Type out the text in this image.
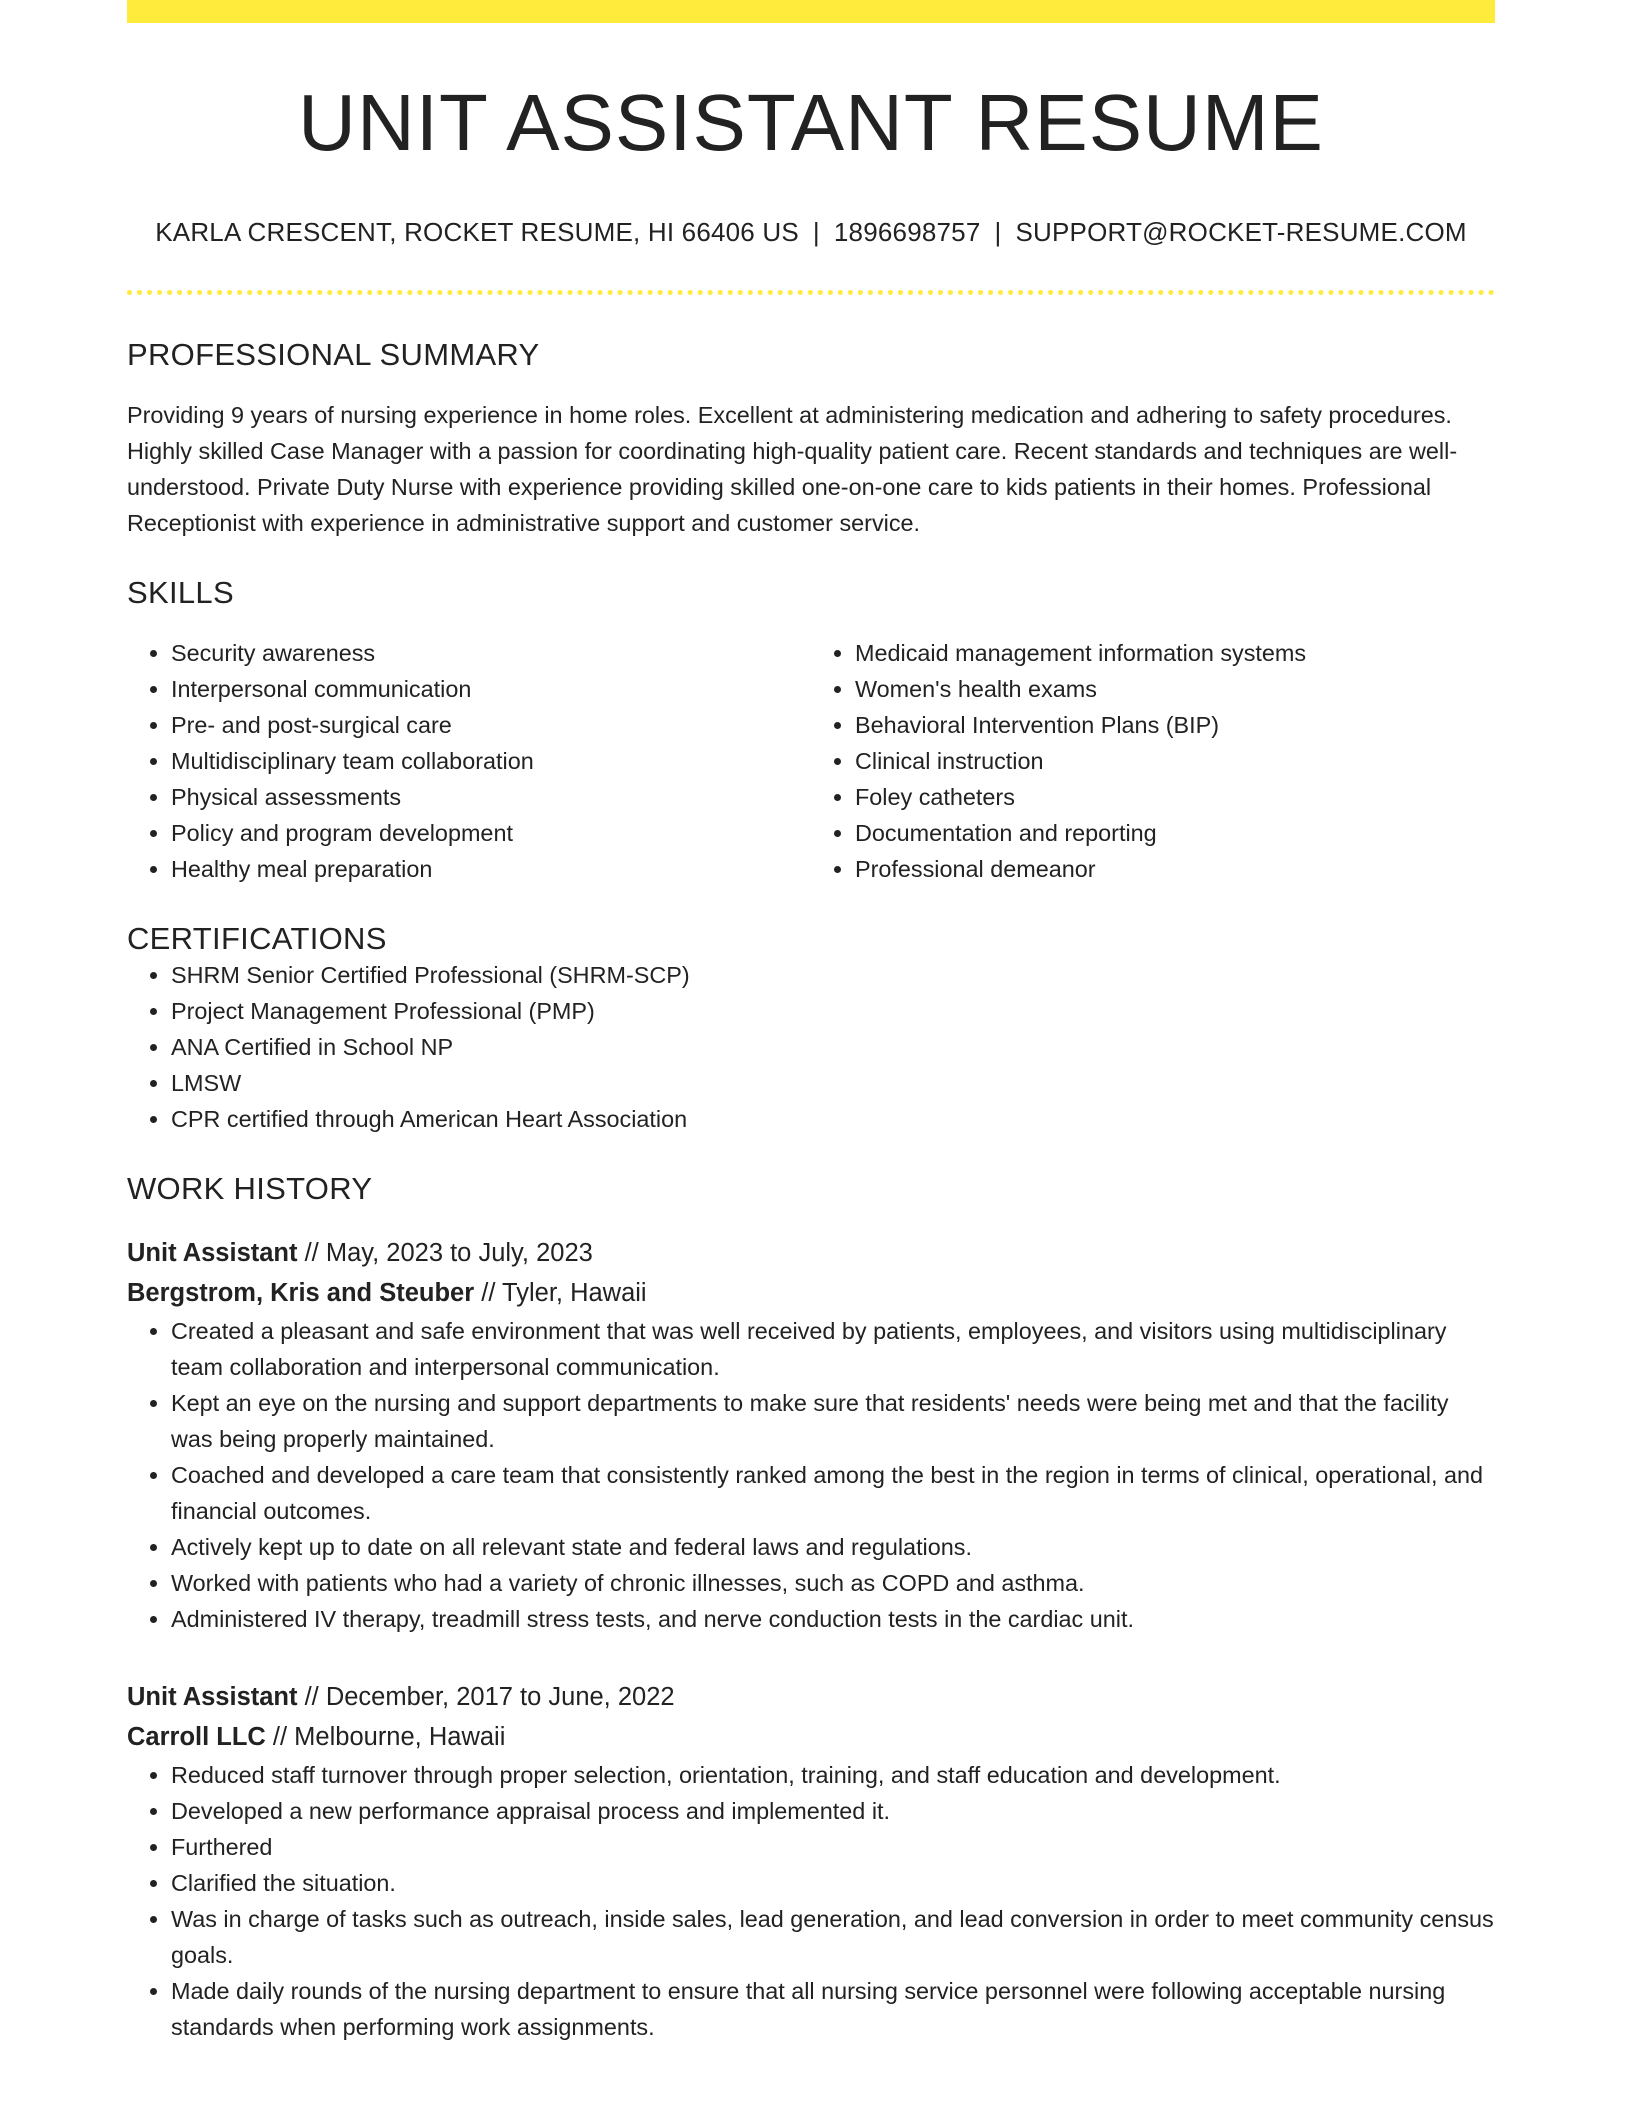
UNIT ASSISTANT RESUME
KARLA CRESCENT, ROCKET RESUME, HI 66406 US | 1896698757 | SUPPORT@ROCKET-RESUME.COM
PROFESSIONAL SUMMARY
Providing 9 years of nursing experience in home roles. Excellent at administering medication and adhering to safety procedures. Highly skilled Case Manager with a passion for coordinating high-quality patient care. Recent standards and techniques are well-understood. Private Duty Nurse with experience providing skilled one-on-one care to kids patients in their homes. Professional Receptionist with experience in administrative support and customer service.
SKILLS
• Security awareness
• Interpersonal communication
• Pre- and post-surgical care
• Multidisciplinary team collaboration
• Physical assessments
• Policy and program development
• Healthy meal preparation
• Medicaid management information systems
• Women's health exams
• Behavioral Intervention Plans (BIP)
• Clinical instruction
• Foley catheters
• Documentation and reporting
• Professional demeanor
CERTIFICATIONS
• SHRM Senior Certified Professional (SHRM-SCP)
• Project Management Professional (PMP)
• ANA Certified in School NP
• LMSW
• CPR certified through American Heart Association
WORK HISTORY
Unit Assistant // May, 2023 to July, 2023
Bergstrom, Kris and Steuber // Tyler, Hawaii
• Created a pleasant and safe environment that was well received by patients, employees, and visitors using multidisciplinary team collaboration and interpersonal communication.
• Kept an eye on the nursing and support departments to make sure that residents' needs were being met and that the facility was being properly maintained.
• Coached and developed a care team that consistently ranked among the best in the region in terms of clinical, operational, and financial outcomes.
• Actively kept up to date on all relevant state and federal laws and regulations.
• Worked with patients who had a variety of chronic illnesses, such as COPD and asthma.
• Administered IV therapy, treadmill stress tests, and nerve conduction tests in the cardiac unit.
Unit Assistant // December, 2017 to June, 2022
Carroll LLC // Melbourne, Hawaii
• Reduced staff turnover through proper selection, orientation, training, and staff education and development.
• Developed a new performance appraisal process and implemented it.
• Furthered
• Clarified the situation.
• Was in charge of tasks such as outreach, inside sales, lead generation, and lead conversion in order to meet community census goals.
• Made daily rounds of the nursing department to ensure that all nursing service personnel were following acceptable nursing standards when performing work assignments.
